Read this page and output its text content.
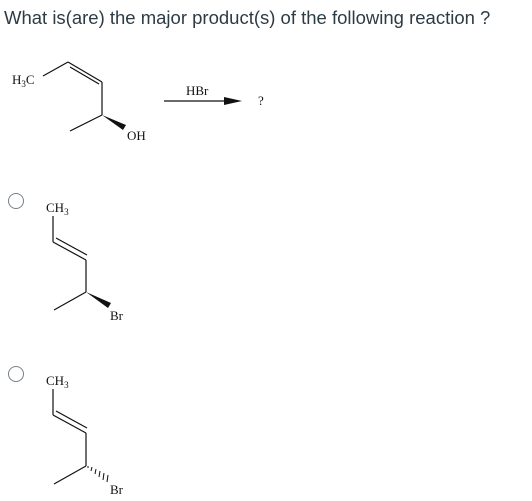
What is(are) the major product(s) of the following reaction ?
$H_3C$
OH
HBr
?
$CH_3$
Br
$CH_3$
Br
